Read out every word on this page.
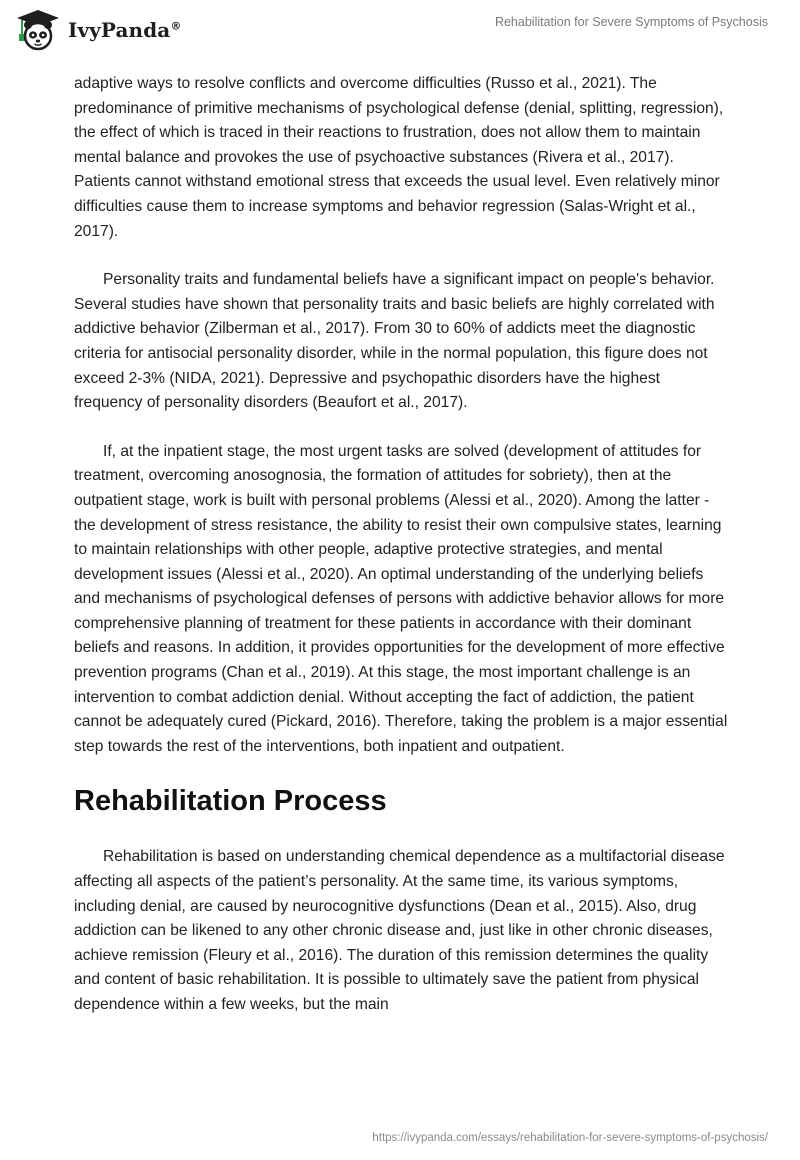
IvyPanda®	Rehabilitation for Severe Symptoms of Psychosis

adaptive ways to resolve conflicts and overcome difficulties (Russo et al., 2021). The predominance of primitive mechanisms of psychological defense (denial, splitting, regression), the effect of which is traced in their reactions to frustration, does not allow them to maintain mental balance and provokes the use of psychoactive substances (Rivera et al., 2017). Patients cannot withstand emotional stress that exceeds the usual level. Even relatively minor difficulties cause them to increase symptoms and behavior regression (Salas-Wright et al., 2017).

Personality traits and fundamental beliefs have a significant impact on people's behavior. Several studies have shown that personality traits and basic beliefs are highly correlated with addictive behavior (Zilberman et al., 2017). From 30 to 60% of addicts meet the diagnostic criteria for antisocial personality disorder, while in the normal population, this figure does not exceed 2-3% (NIDA, 2021). Depressive and psychopathic disorders have the highest frequency of personality disorders (Beaufort et al., 2017).

If, at the inpatient stage, the most urgent tasks are solved (development of attitudes for treatment, overcoming anosognosia, the formation of attitudes for sobriety), then at the outpatient stage, work is built with personal problems (Alessi et al., 2020). Among the latter - the development of stress resistance, the ability to resist their own compulsive states, learning to maintain relationships with other people, adaptive protective strategies, and mental development issues (Alessi et al., 2020). An optimal understanding of the underlying beliefs and mechanisms of psychological defenses of persons with addictive behavior allows for more comprehensive planning of treatment for these patients in accordance with their dominant beliefs and reasons. In addition, it provides opportunities for the development of more effective prevention programs (Chan et al., 2019). At this stage, the most important challenge is an intervention to combat addiction denial. Without accepting the fact of addiction, the patient cannot be adequately cured (Pickard, 2016). Therefore, taking the problem is a major essential step towards the rest of the interventions, both inpatient and outpatient.

Rehabilitation Process

Rehabilitation is based on understanding chemical dependence as a multifactorial disease affecting all aspects of the patient’s personality. At the same time, its various symptoms, including denial, are caused by neurocognitive dysfunctions (Dean et al., 2015). Also, drug addiction can be likened to any other chronic disease and, just like in other chronic diseases, achieve remission (Fleury et al., 2016). The duration of this remission determines the quality and content of basic rehabilitation. It is possible to ultimately save the patient from physical dependence within a few weeks, but the main

https://ivypanda.com/essays/rehabilitation-for-severe-symptoms-of-psychosis/
